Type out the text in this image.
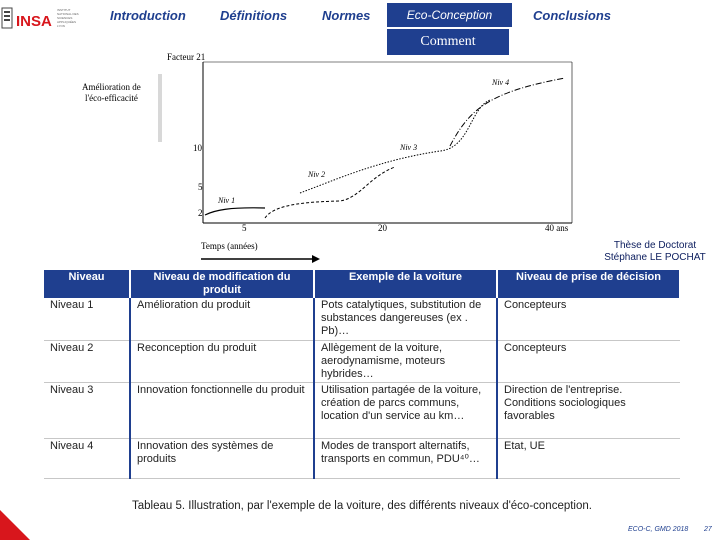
INSA
INSTITUT NATIONAL DES SCIENCES APPLIQUÉES LYON
Introduction	Définitions	Normes	Eco-Conception	Conclusions
Comment
Facteur 21
Amélioration de
l'éco-efficacité
10
5
2
5	20	40 ans
Temps (années)
Niv 1
Niv 2
Niv 3
Niv 4
Thèse de Doctorat
Stéphane LE POCHAT
Niveau	Niveau de modification du produit	Exemple de la voiture	Niveau de prise de décision
Niveau 1	Amélioration du produit	Pots catalytiques, substitution de substances dangereuses (ex . Pb)…	Concepteurs
Niveau 2	Reconception du produit	Allègement de la voiture, aerodynamisme, moteurs hybrides…	Concepteurs
Niveau 3	Innovation fonctionnelle du produit	Utilisation partagée de la voiture, création de parcs communs, location d'un service au km…	Direction de l'entreprise. Conditions sociologiques favorables
Niveau 4	Innovation des systèmes de produits	Modes de transport alternatifs, transports en commun, PDU⁴⁰…	Etat, UE
Tableau 5. Illustration, par l'exemple de la voiture, des différents niveaux d'éco-conception.
ECO-C, GMD 2018 27
